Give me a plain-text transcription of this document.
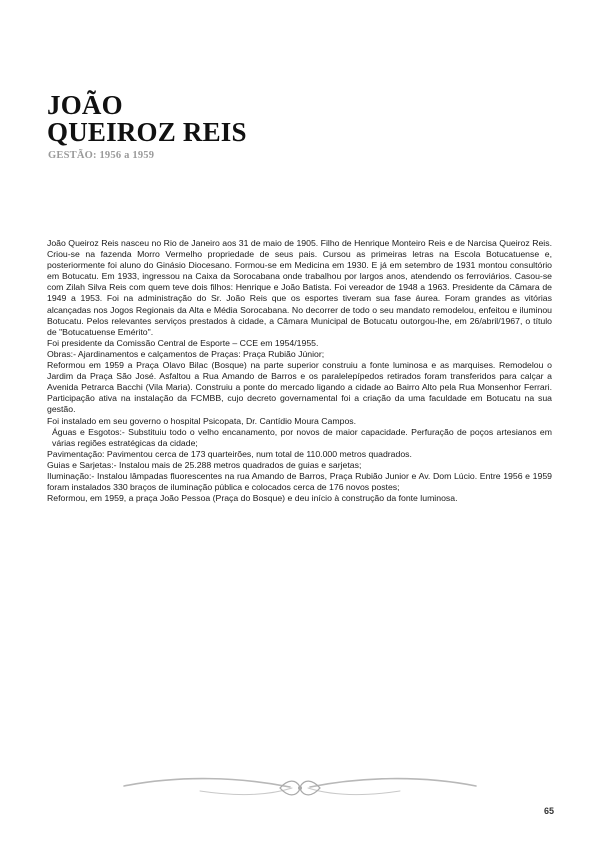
JOÃO
QUEIROZ REIS
GESTÃO: 1956 a 1959

João Queiroz Reis nasceu no Rio de Janeiro aos 31 de maio de 1905. Filho de Henrique Monteiro Reis e de Narcisa Queiroz Reis. Criou-se na fazenda Morro Vermelho propriedade de seus pais. Cursou as primeiras letras na Escola Botucatuense e, posteriormente foi aluno do Ginásio Diocesano. Formou-se em Medicina em 1930. E já em setembro de 1931 montou consultório em Botucatu. Em 1933, ingressou na Caixa da Sorocabana onde trabalhou por largos anos, atendendo os ferroviários. Casou-se com Zilah Silva Reis com quem teve dois filhos: Henrique e João Batista. Foi vereador de 1948 a 1963. Presidente da Câmara de 1949 a 1953. Foi na administração do Sr. João Reis que os esportes tiveram sua fase áurea. Foram grandes as vitórias alcançadas nos Jogos Regionais da Alta e Média Sorocabana. No decorrer de todo o seu mandato remodelou, enfeitou e iluminou Botucatu. Pelos relevantes serviços prestados à cidade, a Câmara Municipal de Botucatu outorgou-lhe, em 26/abril/1967, o título de "Botucatuense Emérito".

Foi presidente da Comissão Central de Esporte – CCE em 1954/1955.

Obras:- Ajardinamentos e calçamentos de Praças: Praça Rubião Júnior;

Reformou em 1959 a Praça Olavo Bilac (Bosque) na parte superior construiu a fonte luminosa e as marquises. Remodelou o Jardim da Praça São José. Asfaltou a Rua Amando de Barros e os paralelepípedos retirados foram transferidos para calçar a Avenida Petrarca Bacchi (Vila Maria). Construiu a ponte do mercado ligando a cidade ao Bairro Alto pela Rua Monsenhor Ferrari. Participação ativa na instalação da FCMBB, cujo decreto governamental foi a criação da uma faculdade em Botucatu na sua gestão.

Foi instalado em seu governo o hospital Psicopata, Dr. Cantídio Moura Campos.

Águas e Esgotos:- Substituiu todo o velho encanamento, por novos de maior capacidade. Perfuração de poços artesianos em várias regiões estratégicas da cidade;

Pavimentação: Pavimentou cerca de 173 quarteirões, num total de 110.000 metros quadrados.

Guias e Sarjetas:- Instalou mais de 25.288 metros quadrados de guias e sarjetas;

Iluminação:- Instalou lâmpadas fluorescentes na rua Amando de Barros, Praça Rubião Junior e Av. Dom Lúcio. Entre 1956 e 1959 foram instalados 330 braços de iluminação pública e colocados cerca de 176 novos postes;

Reformou, em 1959, a praça João Pessoa (Praça do Bosque) e deu início à construção da fonte luminosa.

65
